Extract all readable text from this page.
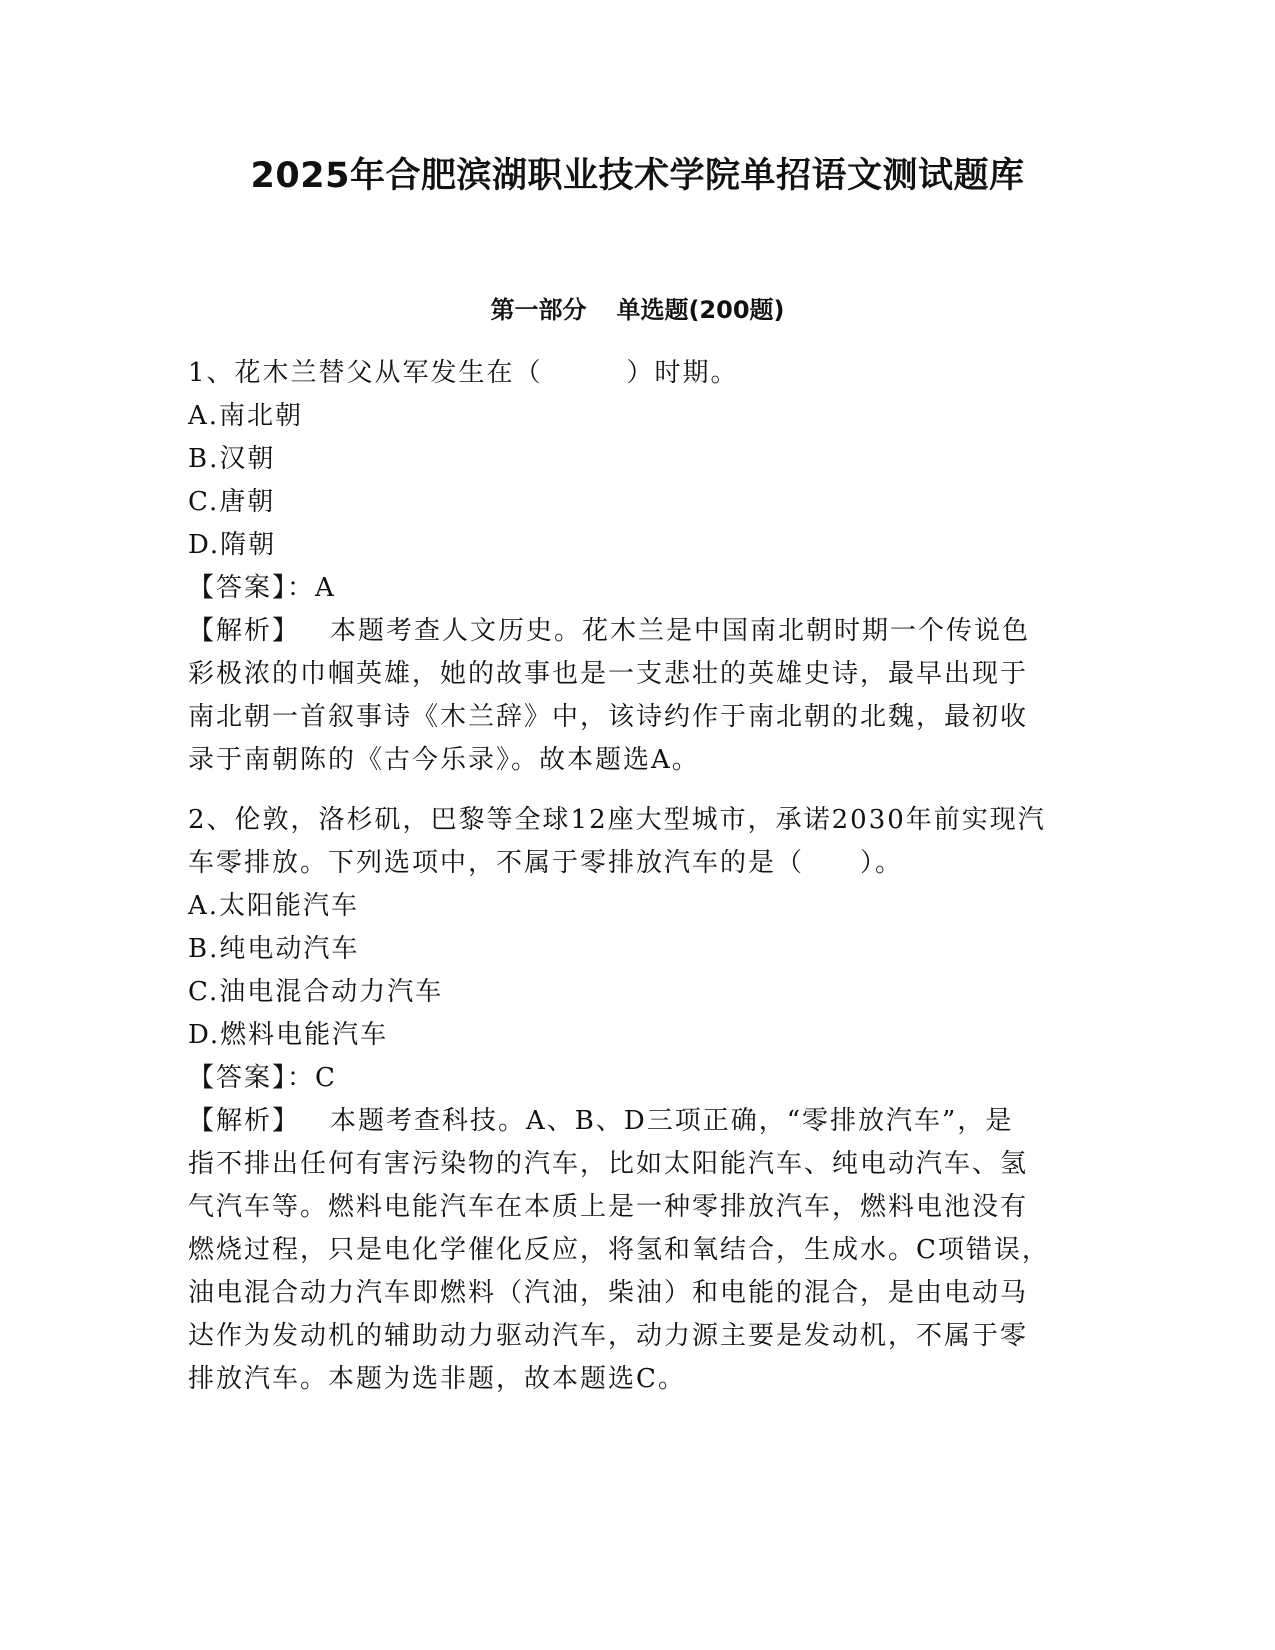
2025年合肥滨湖职业技术学院单招语文测试题库
第一部分 单选题(200题)
1、花木兰替父从军发生在（　　　）时期。
A.南北朝
B.汉朝
C.唐朝
D.隋朝
【答案】：A
【解析】 本题考查人文历史。花木兰是中国南北朝时期一个传说色
彩极浓的巾帼英雄，她的故事也是一支悲壮的英雄史诗，最早出现于
南北朝一首叙事诗《木兰辞》中，该诗约作于南北朝的北魏，最初收
录于南朝陈的《古今乐录》。故本题选A。
2、伦敦，洛杉矶，巴黎等全球12座大型城市，承诺2030年前实现汽
车零排放。下列选项中，不属于零排放汽车的是（　　）。
A.太阳能汽车
B.纯电动汽车
C.油电混合动力汽车
D.燃料电能汽车
【答案】：C
【解析】 本题考查科技。A、B、D三项正确，“零排放汽车”，是
指不排出任何有害污染物的汽车，比如太阳能汽车、纯电动汽车、氢
气汽车等。燃料电能汽车在本质上是一种零排放汽车，燃料电池没有
燃烧过程，只是电化学催化反应，将氢和氧结合，生成水。C项错误，
油电混合动力汽车即燃料（汽油，柴油）和电能的混合，是由电动马
达作为发动机的辅助动力驱动汽车，动力源主要是发动机，不属于零
排放汽车。本题为选非题，故本题选C。
